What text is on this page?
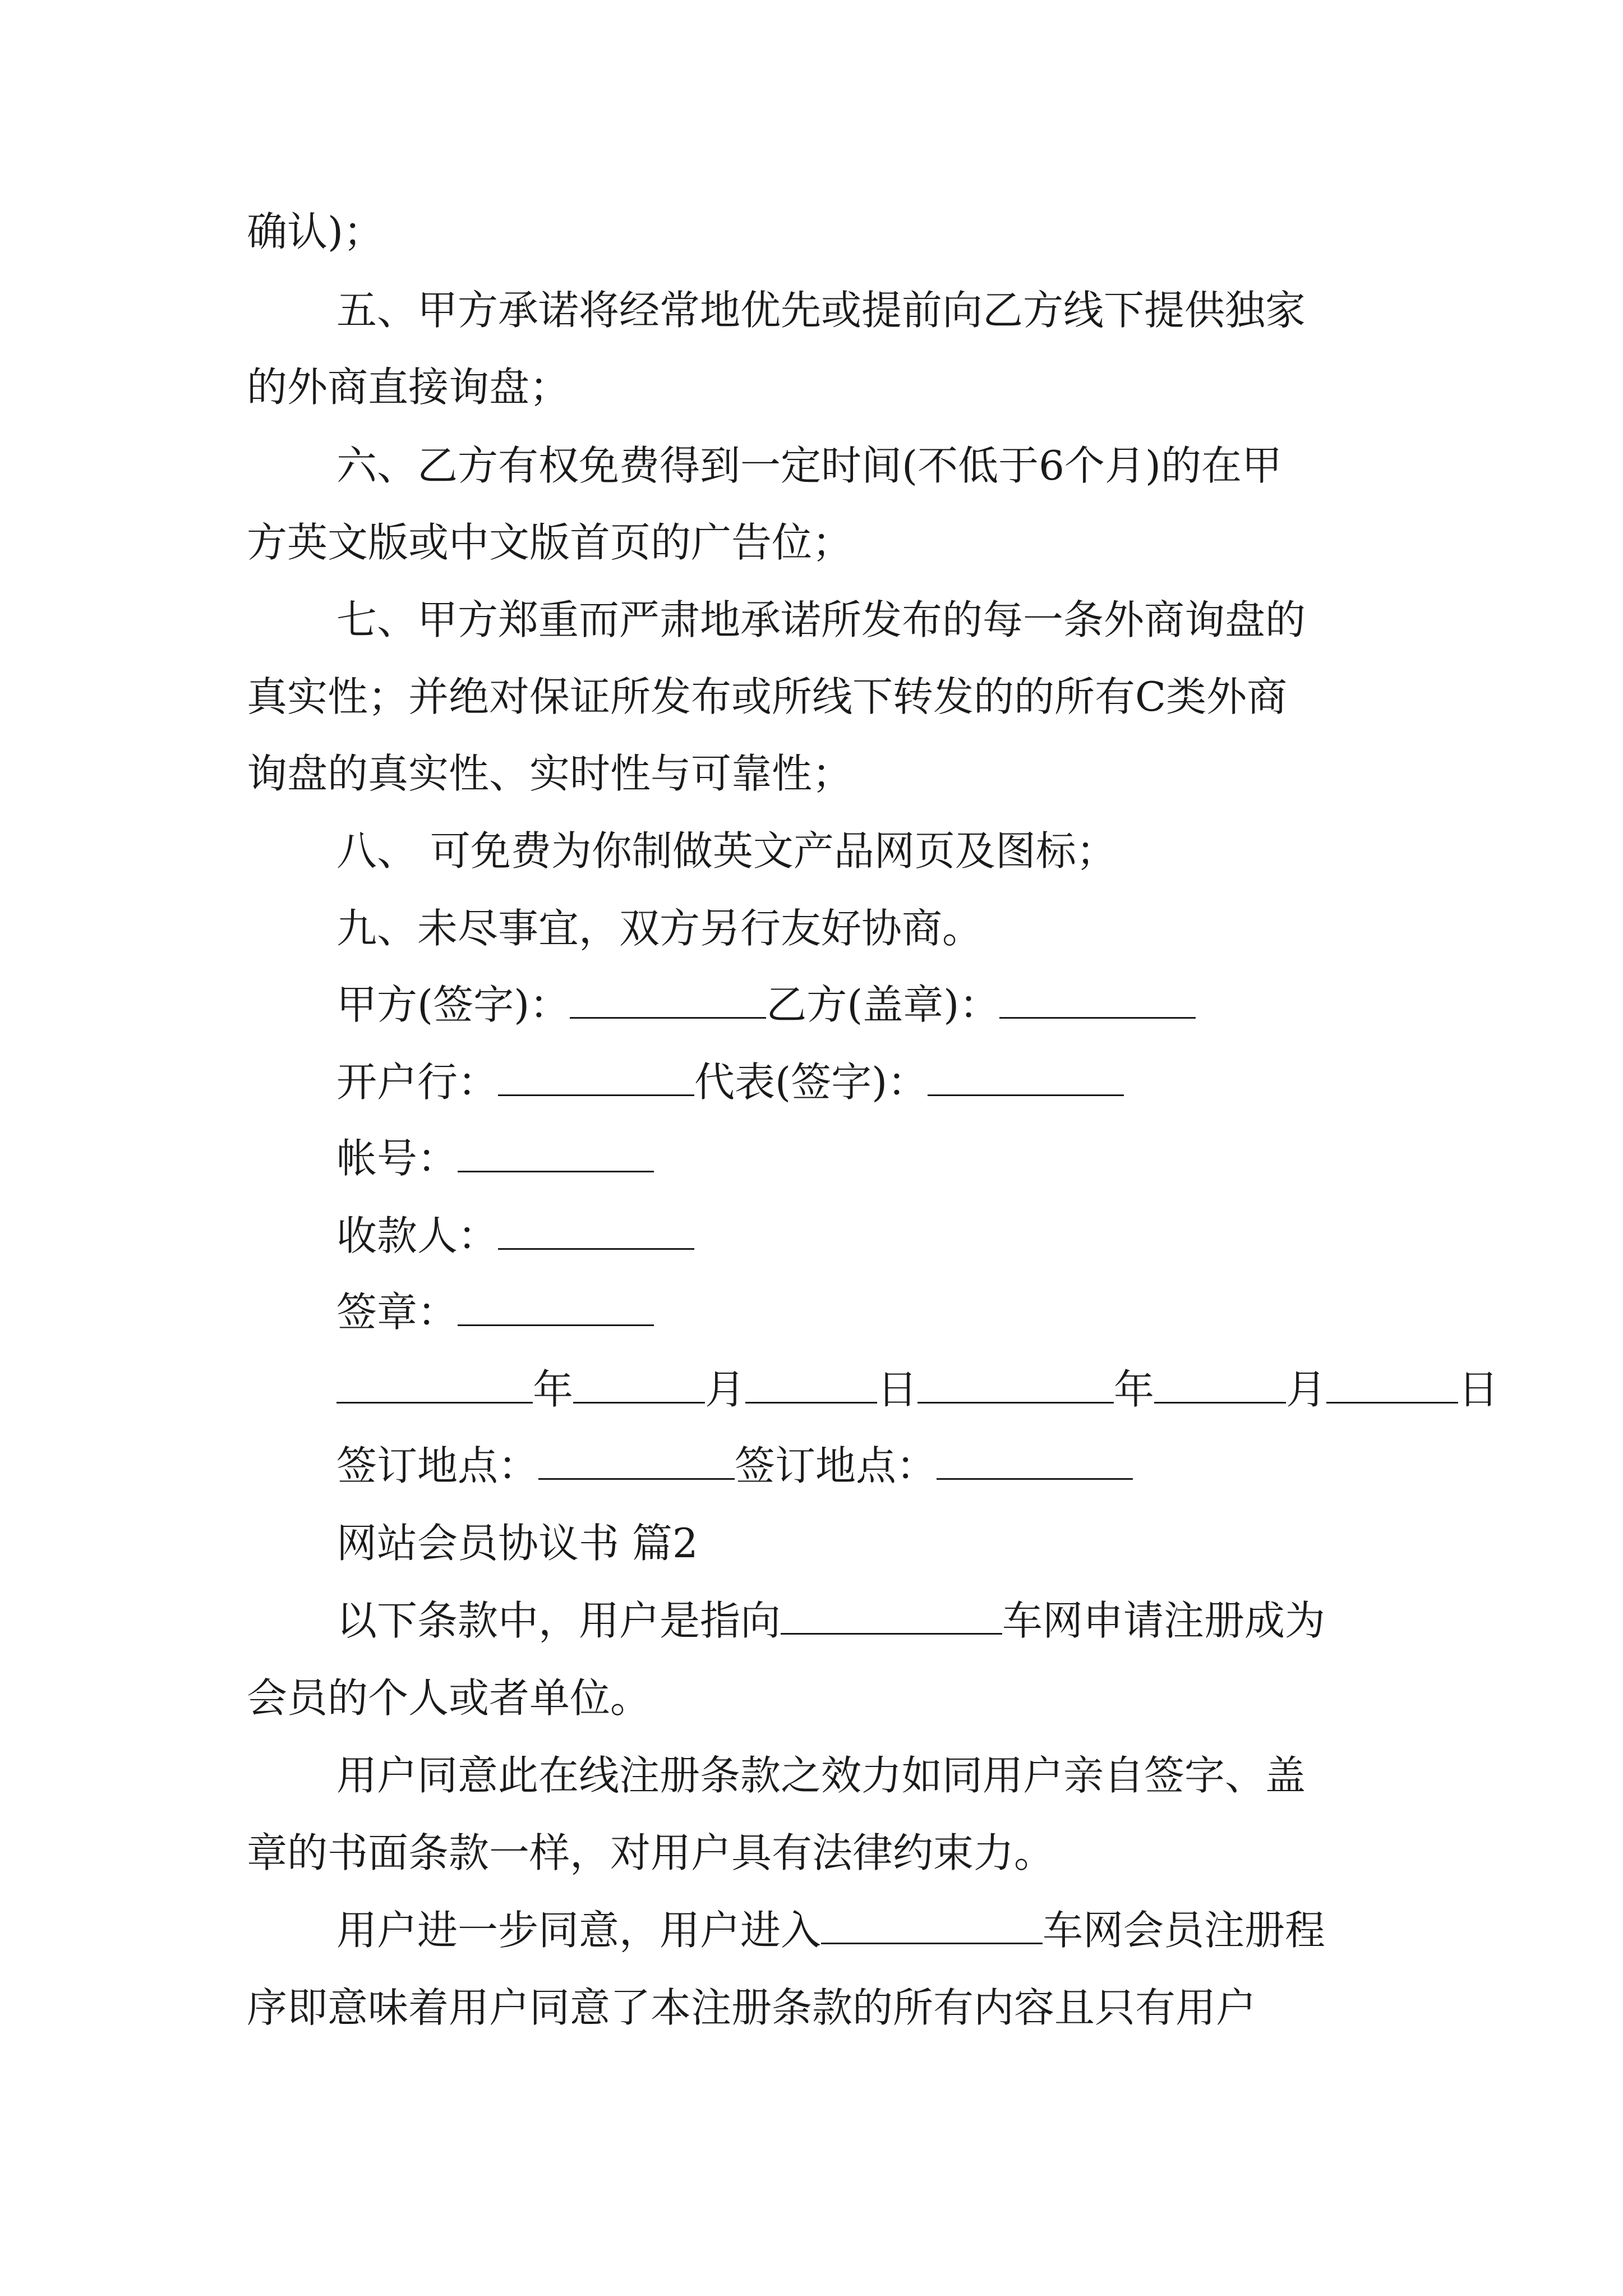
确认)；
五、甲方承诺将经常地优先或提前向乙方线下提供独家
的外商直接询盘；
六、乙方有权免费得到一定时间(不低于6个月)的在甲
方英文版或中文版首页的广告位；
七、甲方郑重而严肃地承诺所发布的每一条外商询盘的
真实性；并绝对保证所发布或所线下转发的的所有C类外商
询盘的真实性、实时性与可靠性；
八、 可免费为你制做英文产品网页及图标；
九、未尽事宜，双方另行友好协商。
甲方(签字)：	乙方(盖章)：
开户行：	代表(签字)：
帐号：
收款人：
签章：
年	月	日	年	月	日
签订地点：	签订地点：
网站会员协议书 篇2
以下条款中，用户是指向	车网申请注册成为
会员的个人或者单位。
用户同意此在线注册条款之效力如同用户亲自签字、盖
章的书面条款一样，对用户具有法律约束力。
用户进一步同意，用户进入	车网会员注册程
序即意味着用户同意了本注册条款的所有内容且只有用户
